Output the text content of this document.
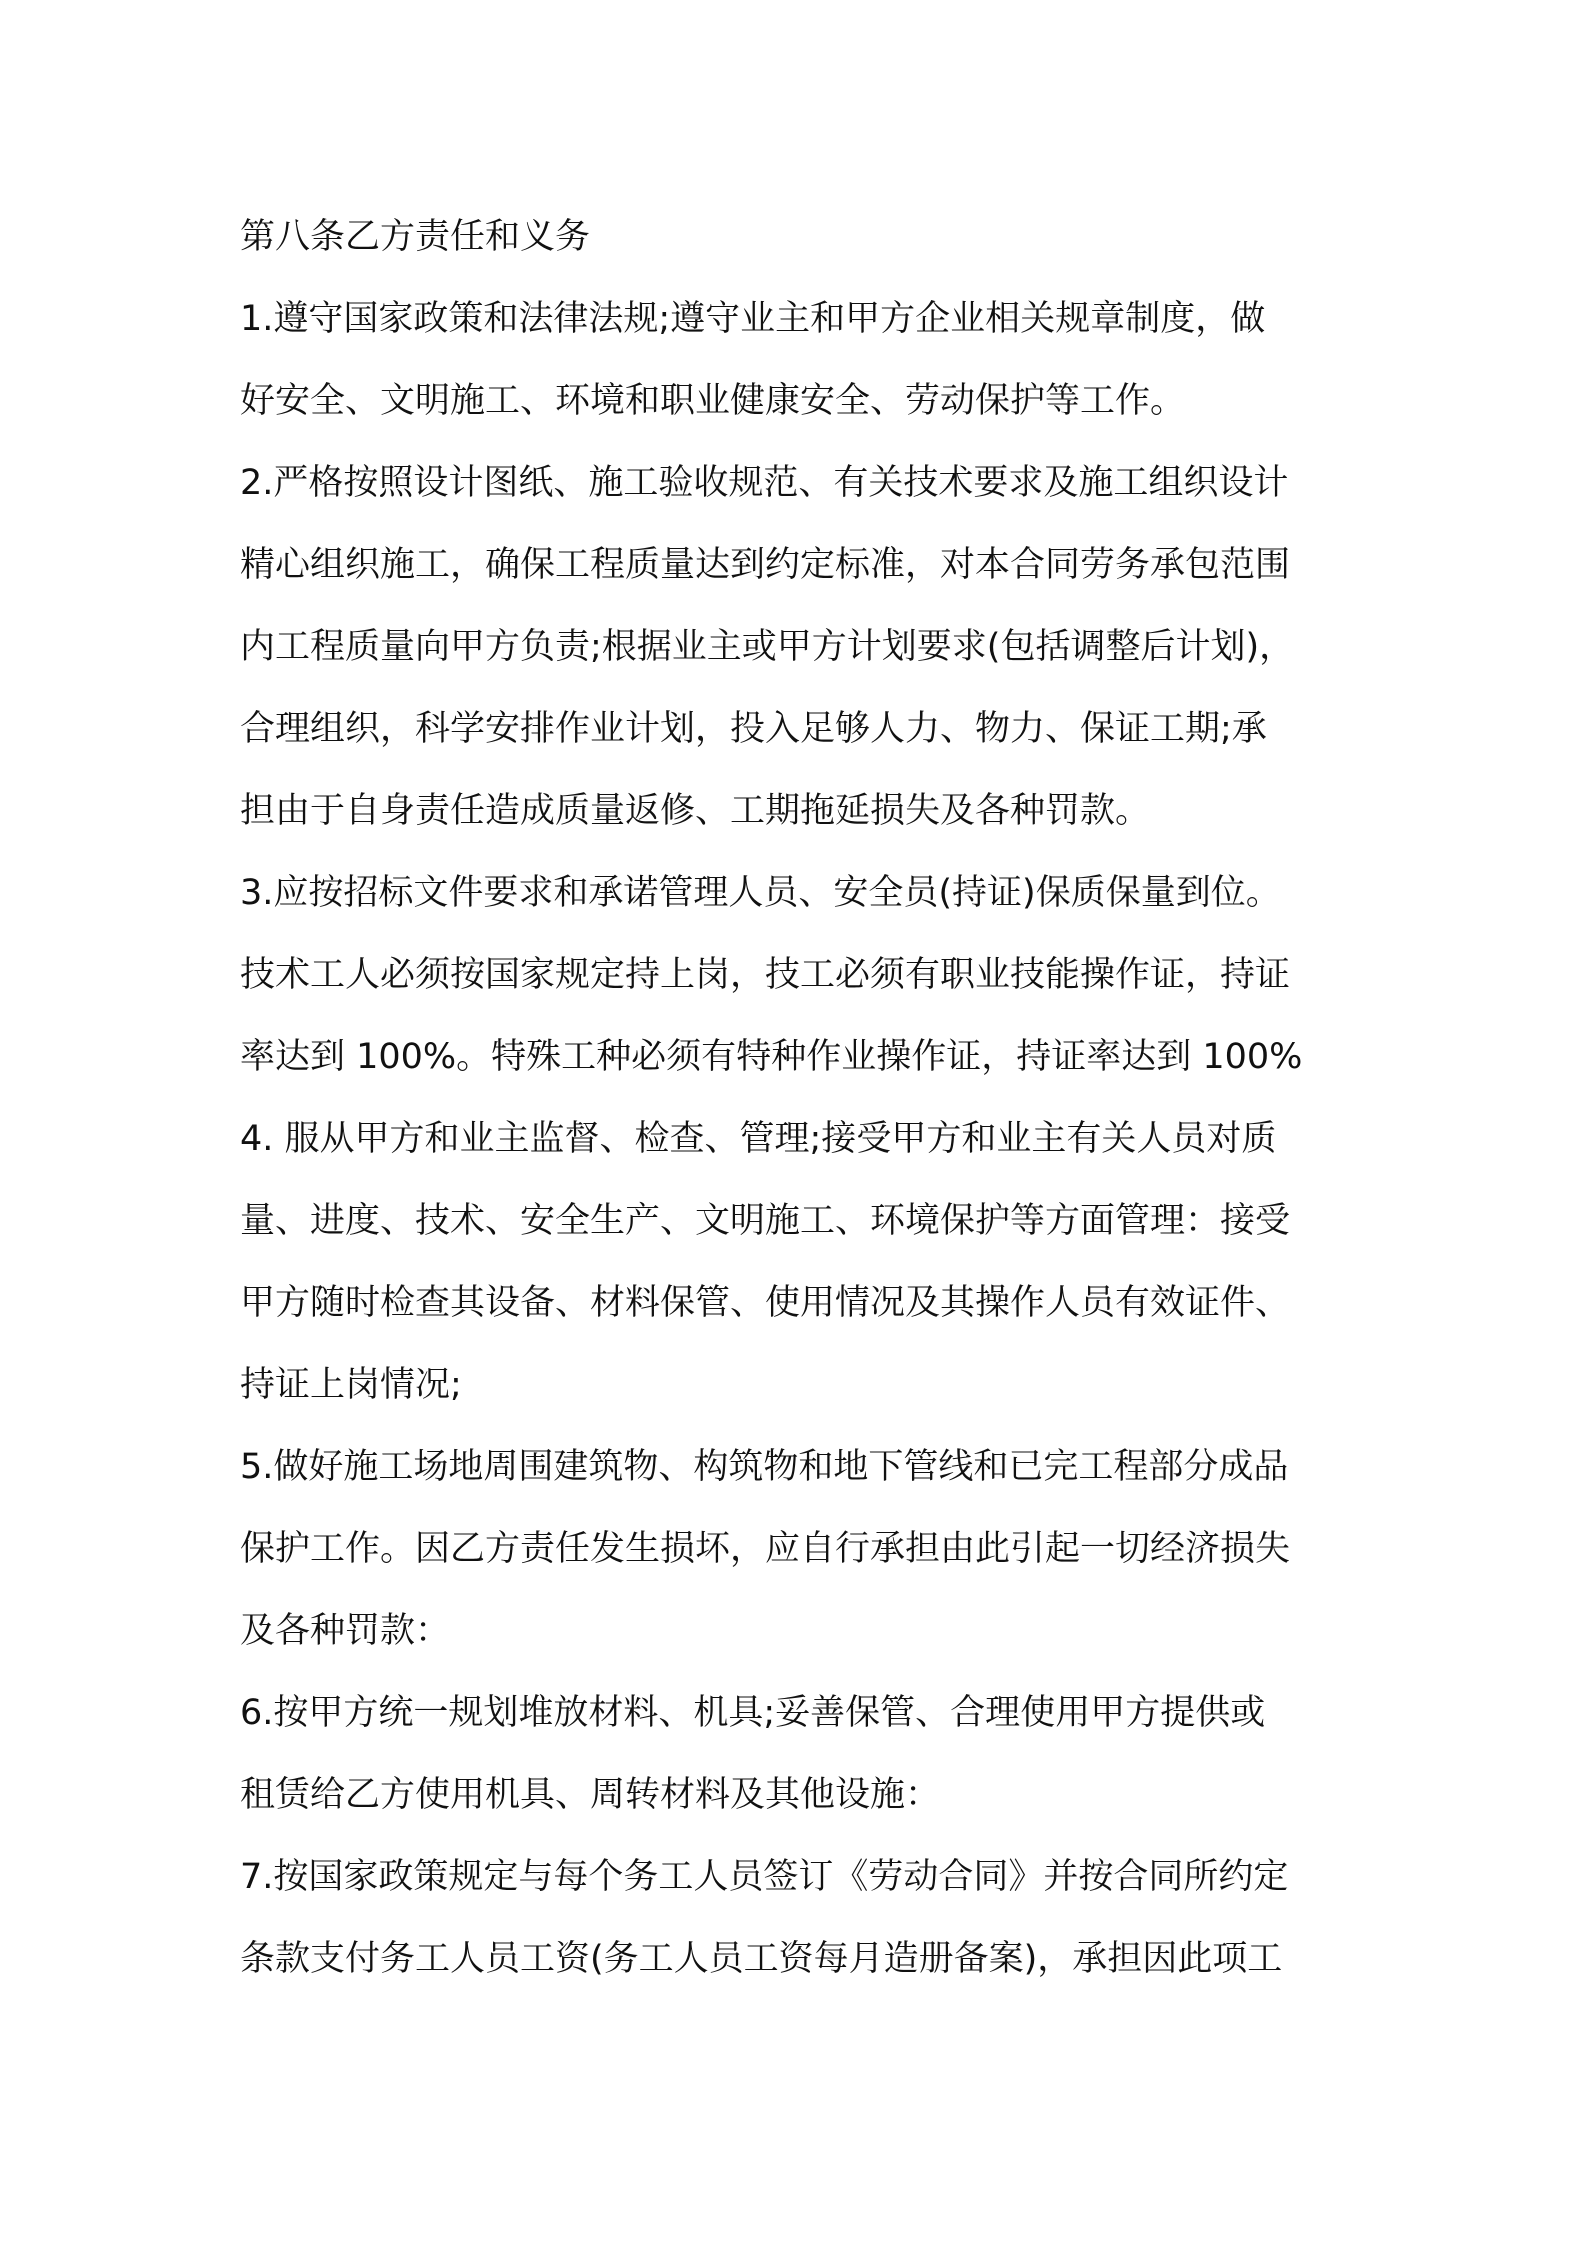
第八条乙方责任和义务
1.遵守国家政策和法律法规;遵守业主和甲方企业相关规章制度，做
好安全、文明施工、环境和职业健康安全、劳动保护等工作。
2.严格按照设计图纸、施工验收规范、有关技术要求及施工组织设计
精心组织施工，确保工程质量达到约定标准，对本合同劳务承包范围
内工程质量向甲方负责;根据业主或甲方计划要求(包括调整后计划)，
合理组织，科学安排作业计划，投入足够人力、物力、保证工期;承
担由于自身责任造成质量返修、工期拖延损失及各种罚款。
3.应按招标文件要求和承诺管理人员、安全员(持证)保质保量到位。
技术工人必须按国家规定持上岗，技工必须有职业技能操作证，持证
率达到 100%。特殊工种必须有特种作业操作证，持证率达到 100%
4. 服从甲方和业主监督、检查、管理;接受甲方和业主有关人员对质
量、进度、技术、安全生产、文明施工、环境保护等方面管理：接受
甲方随时检查其设备、材料保管、使用情况及其操作人员有效证件、
持证上岗情况;
5.做好施工场地周围建筑物、构筑物和地下管线和已完工程部分成品
保护工作。因乙方责任发生损坏，应自行承担由此引起一切经济损失
及各种罚款：
6.按甲方统一规划堆放材料、机具;妥善保管、合理使用甲方提供或
租赁给乙方使用机具、周转材料及其他设施：
7.按国家政策规定与每个务工人员签订《劳动合同》并按合同所约定
条款支付务工人员工资(务工人员工资每月造册备案)，承担因此项工
